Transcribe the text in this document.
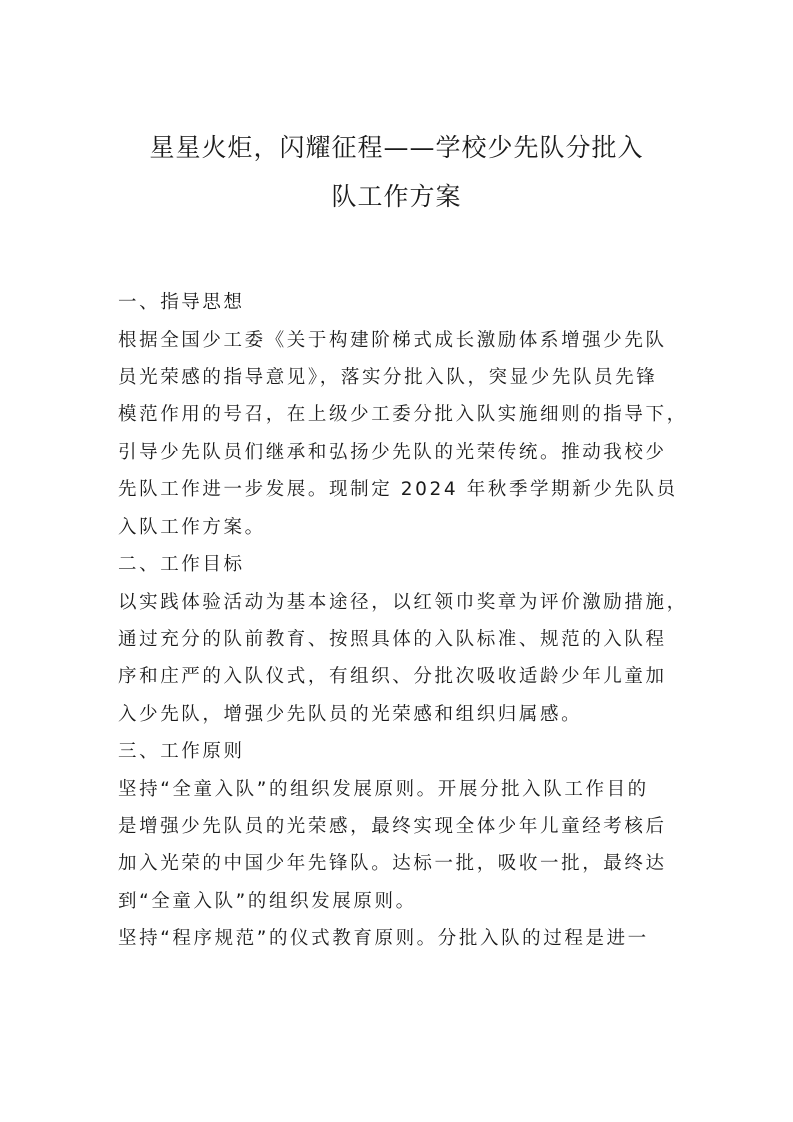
星星火炬，闪耀征程——学校少先队分批入
队工作方案
一、指导思想
根据全国少工委《关于构建阶梯式成长激励体系增强少先队
员光荣感的指导意见》，落实分批入队，突显少先队员先锋
模范作用的号召，在上级少工委分批入队实施细则的指导下，
引导少先队员们继承和弘扬少先队的光荣传统。推动我校少
先队工作进一步发展。现制定 2024 年秋季学期新少先队员
入队工作方案。
二、工作目标
以实践体验活动为基本途径，以红领巾奖章为评价激励措施，
通过充分的队前教育、按照具体的入队标准、规范的入队程
序和庄严的入队仪式，有组织、分批次吸收适龄少年儿童加
入少先队，增强少先队员的光荣感和组织归属感。
三、工作原则
坚持“全童入队”的组织发展原则。开展分批入队工作目的
是增强少先队员的光荣感，最终实现全体少年儿童经考核后
加入光荣的中国少年先锋队。达标一批，吸收一批，最终达
到“全童入队”的组织发展原则。
坚持“程序规范”的仪式教育原则。分批入队的过程是进一
